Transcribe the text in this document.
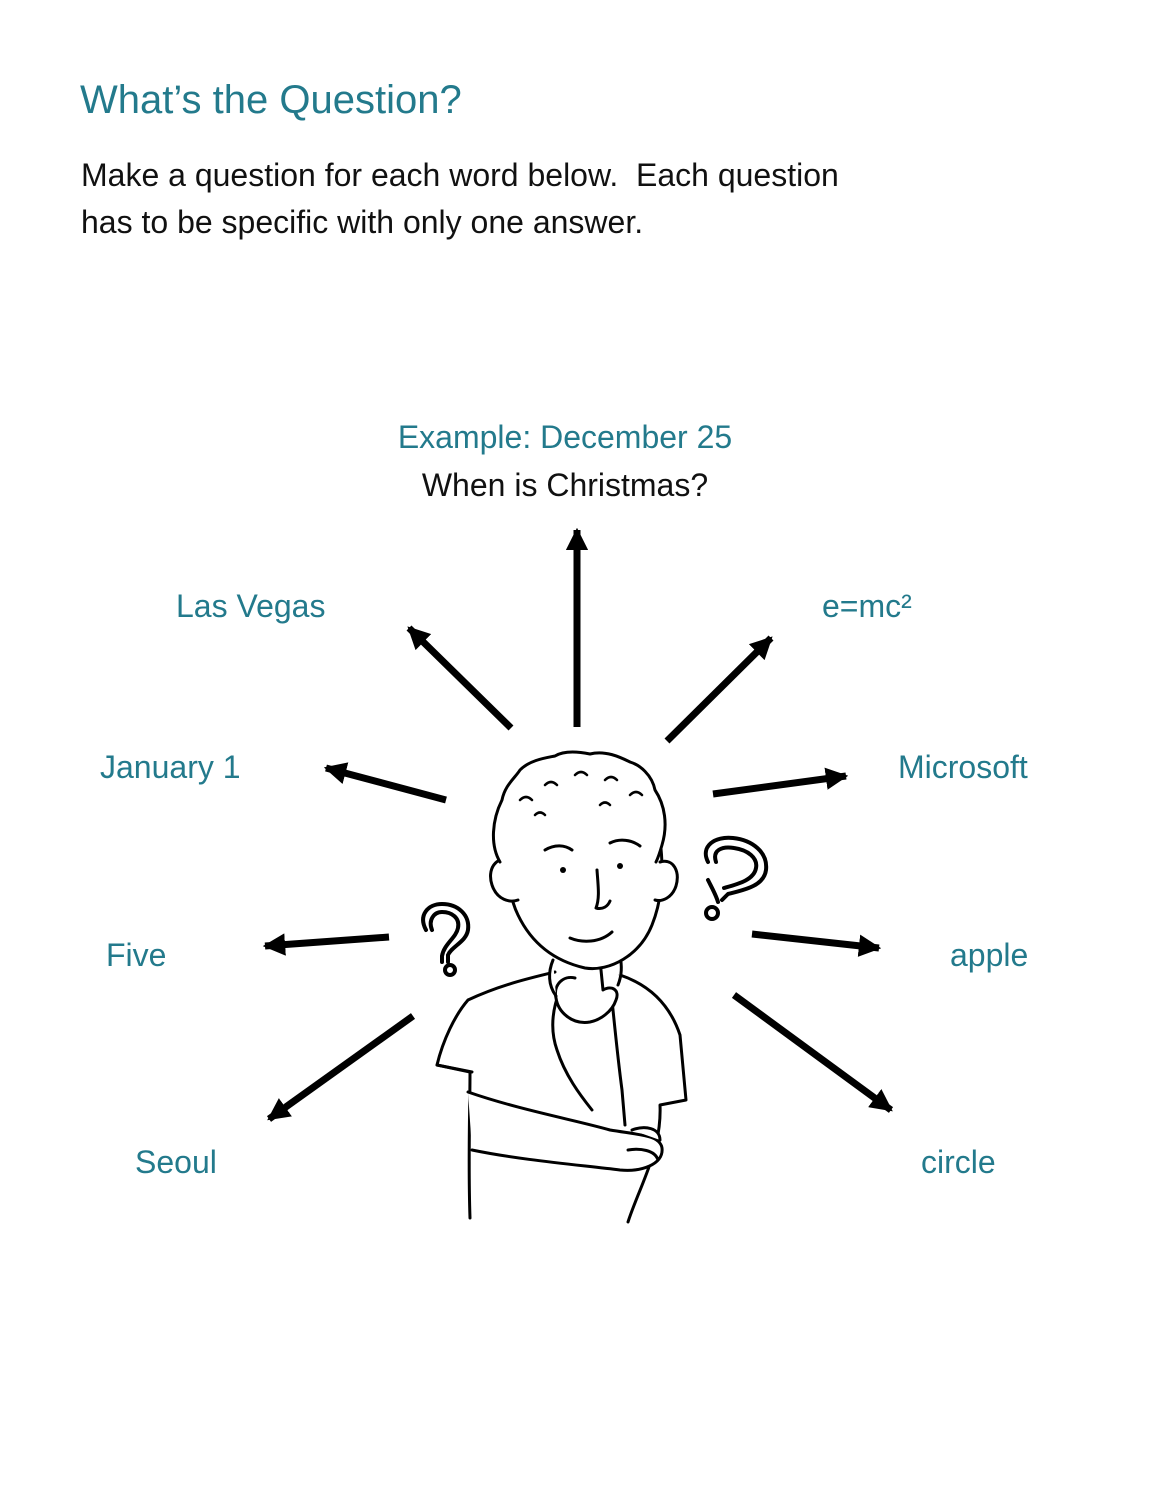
What’s the Question?
Make a question for each word below.  Each question
has to be specific with only one answer.
Example: December 25
When is Christmas?
Las Vegas
January 1
Five
Seoul
e=mc²
Microsoft
apple
circle
